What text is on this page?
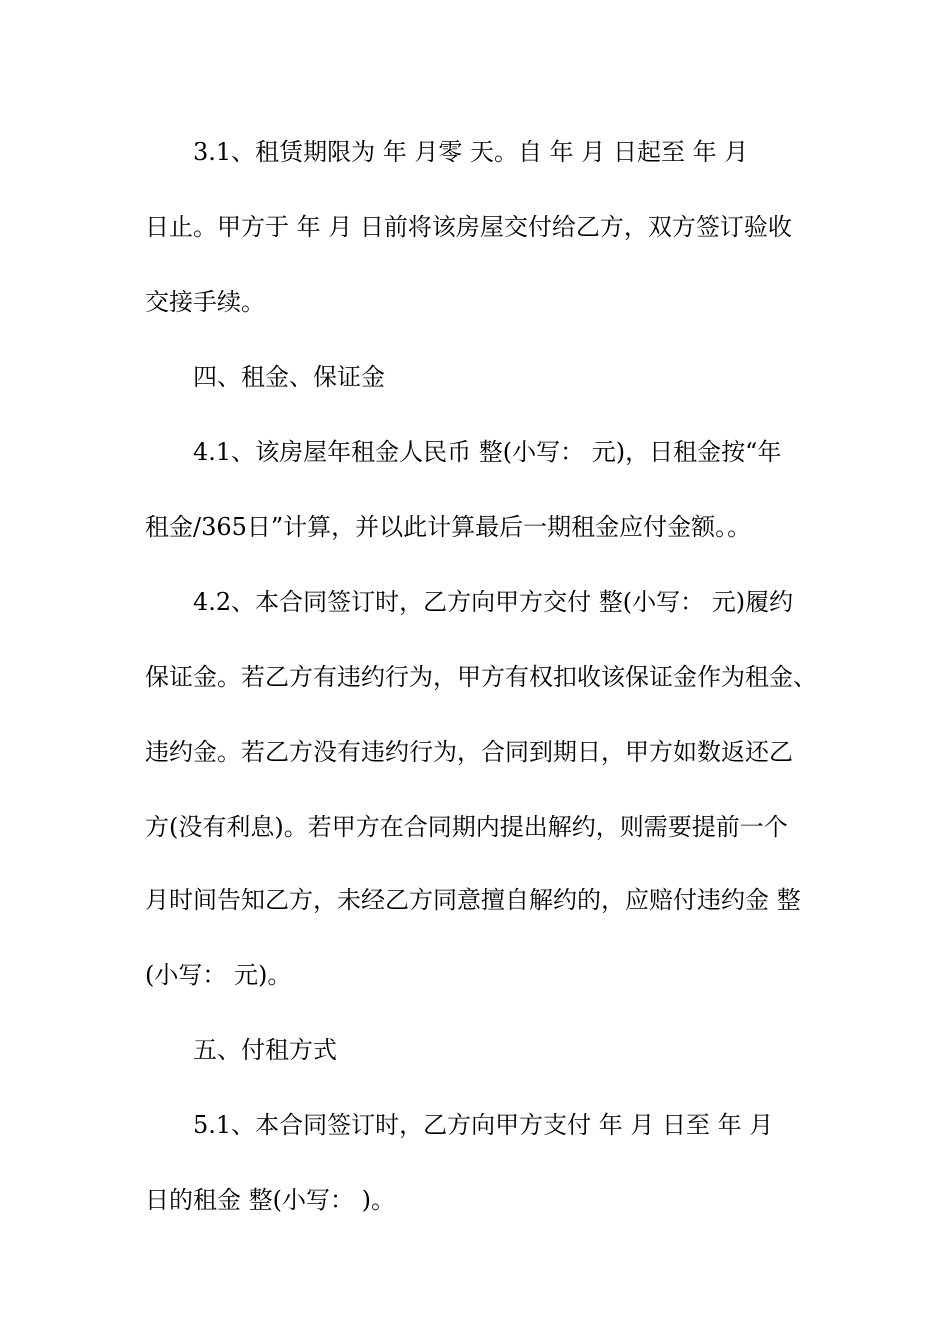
3.1、租赁期限为 年 月零 天。自 年 月 日起至 年 月

日止。甲方于 年 月 日前将该房屋交付给乙方，双方签订验收

交接手续。

四、租金、保证金

4.1、该房屋年租金人民币 整(小写： 元)，日租金按“年

租金/365日”计算，并以此计算最后一期租金应付金额。。

4.2、本合同签订时，乙方向甲方交付 整(小写： 元)履约

保证金。若乙方有违约行为，甲方有权扣收该保证金作为租金、

违约金。若乙方没有违约行为，合同到期日，甲方如数返还乙

方(没有利息)。若甲方在合同期内提出解约，则需要提前一个

月时间告知乙方，未经乙方同意擅自解约的，应赔付违约金 整

(小写： 元)。

五、付租方式

5.1、本合同签订时，乙方向甲方支付 年 月 日至 年 月

日的租金 整(小写： )。
